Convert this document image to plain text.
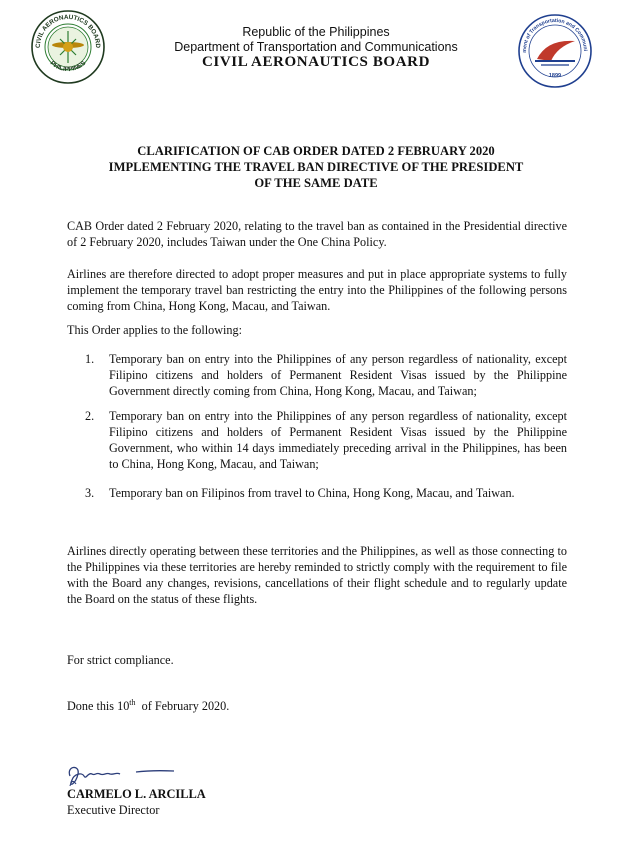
CIVIL AERONAUTICS BOARD
PHILIPPINES
ment of Transportation and Communi
1899
Republic of the Philippines
Department of Transportation and Communications
CIVIL AERONAUTICS BOARD
CLARIFICATION OF CAB ORDER DATED 2 FEBRUARY 2020
IMPLEMENTING THE TRAVEL BAN DIRECTIVE OF THE PRESIDENT
OF THE SAME DATE
CAB Order dated 2 February 2020, relating to the travel ban as contained in the Presidential directive of 2 February 2020, includes Taiwan under the One China Policy.
Airlines are therefore directed to adopt proper measures and put in place appropriate systems to fully implement the temporary travel ban restricting the entry into the Philippines of the following persons coming from China, Hong Kong, Macau, and Taiwan.
This Order applies to the following:
1.	Temporary ban on entry into the Philippines of any person regardless of nationality, except Filipino citizens and holders of Permanent Resident Visas issued by the Philippine Government directly coming from China, Hong Kong, Macau, and Taiwan;
2.	Temporary ban on entry into the Philippines of any person regardless of nationality, except Filipino citizens and holders of Permanent Resident Visas issued by the Philippine Government, who within 14 days immediately preceding arrival in the Philippines, has been to China, Hong Kong, Macau, and Taiwan;
3.	Temporary ban on Filipinos from travel to China, Hong Kong, Macau, and Taiwan.
Airlines directly operating between these territories and the Philippines, as well as those connecting to the Philippines via these territories are hereby reminded to strictly comply with the requirement to file with the Board any changes, revisions, cancellations of their flight schedule and to regularly update the Board on the status of these flights.
For strict compliance.
Done this 10th  of February 2020.
CARMELO L. ARCILLA
Executive Director
